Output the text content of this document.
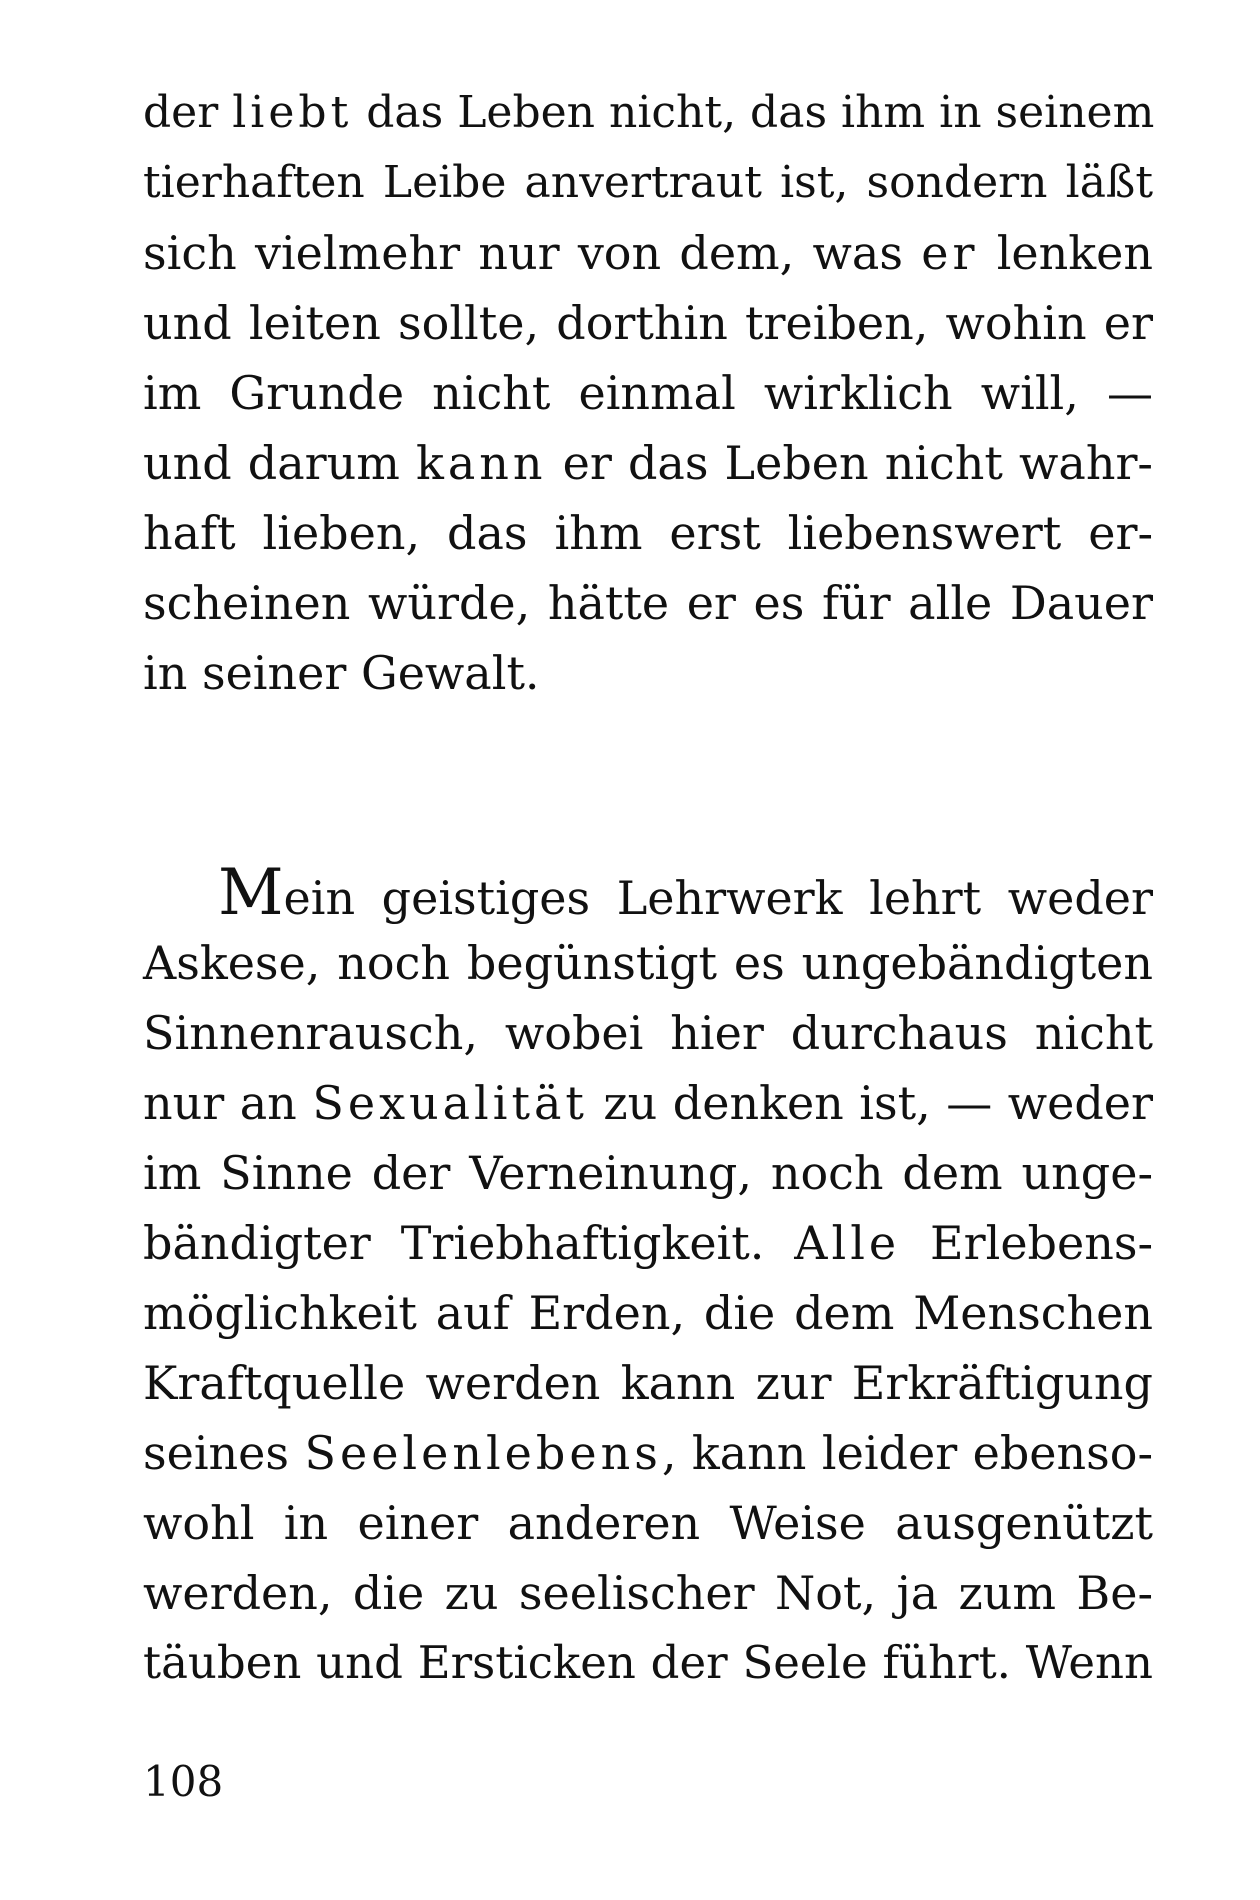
der liebt das Leben nicht, das ihm in seinem
tierhaften Leibe anvertraut ist, sondern läßt
sich vielmehr nur von dem, was er lenken
und leiten sollte, dorthin treiben, wohin er
im Grunde nicht einmal wirklich will, —
und darum kann er das Leben nicht wahr-
haft lieben, das ihm erst liebenswert er-
scheinen würde, hätte er es für alle Dauer
in seiner Gewalt.
Mein geistiges Lehrwerk lehrt weder
Askese, noch begünstigt es ungebändigten
Sinnenrausch, wobei hier durchaus nicht
nur an Sexualität zu denken ist, — weder
im Sinne der Verneinung, noch dem unge-
bändigter Triebhaftigkeit. Alle Erlebens-
möglichkeit auf Erden, die dem Menschen
Kraftquelle werden kann zur Erkräftigung
seines Seelenlebens, kann leider ebenso-
wohl in einer anderen Weise ausgenützt
werden, die zu seelischer Not, ja zum Be-
täuben und Ersticken der Seele führt. Wenn
108
